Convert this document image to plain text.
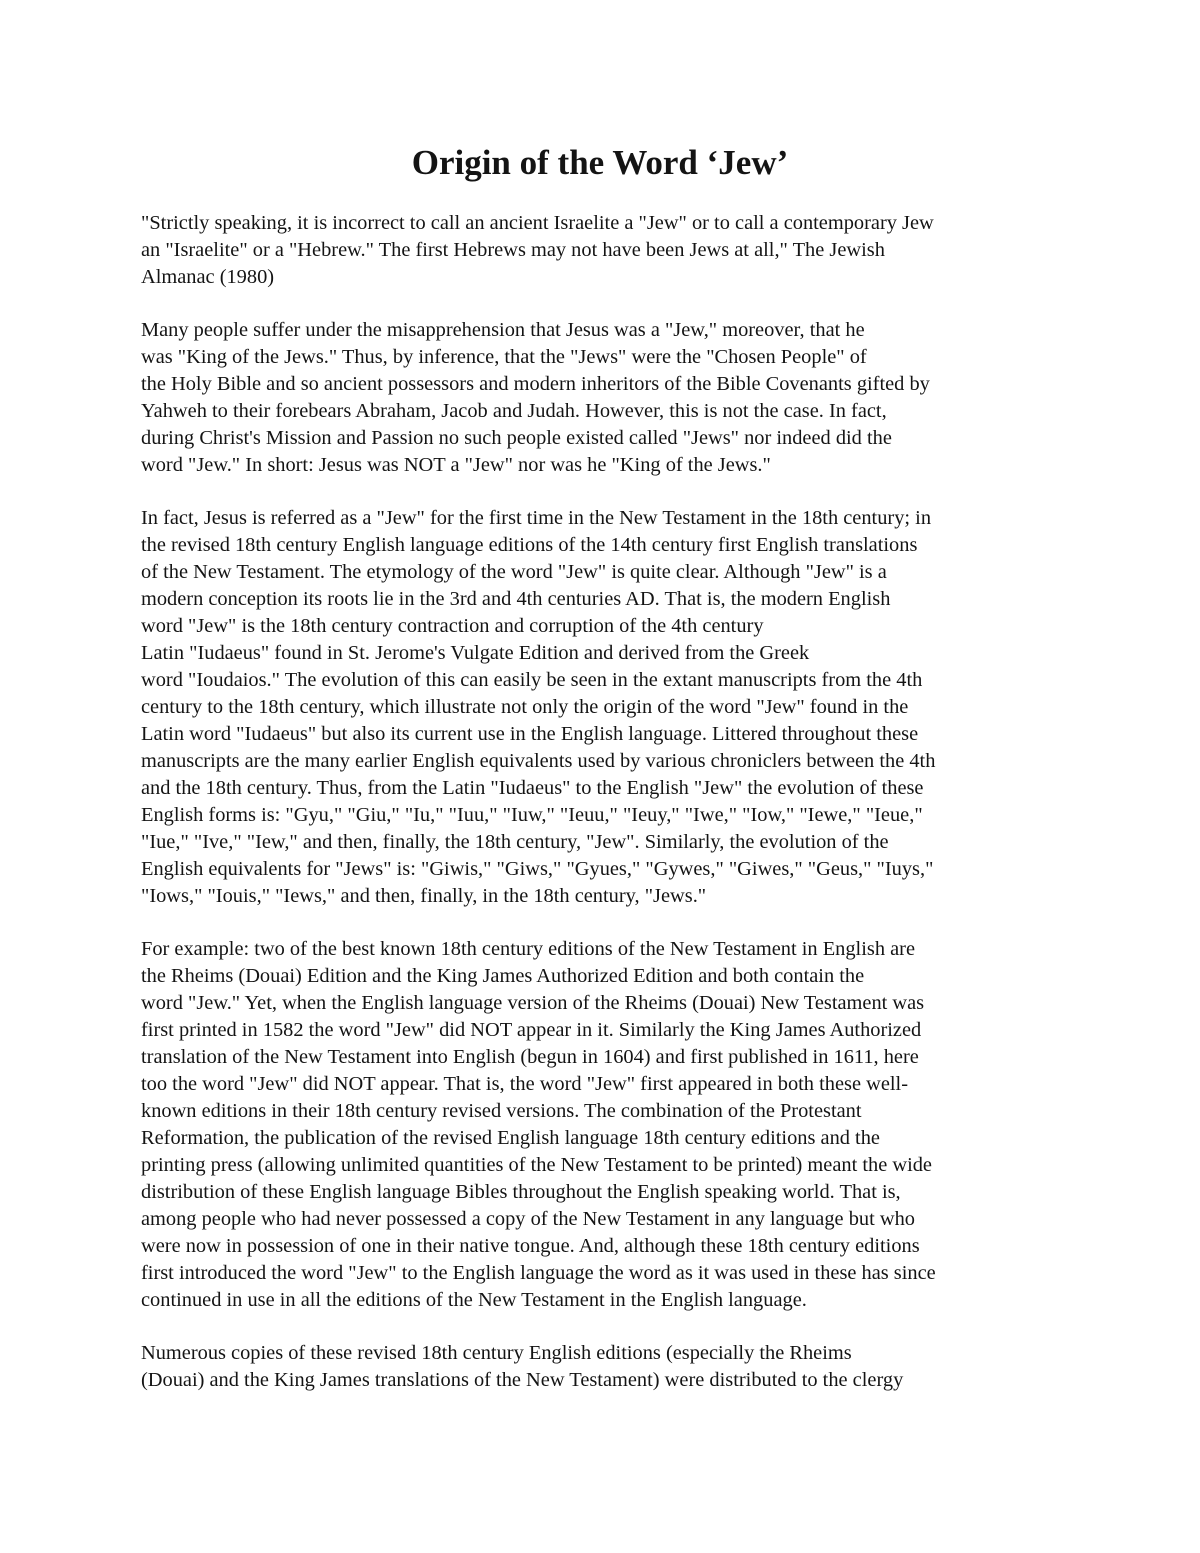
Origin of the Word ‘Jew’
"Strictly speaking, it is incorrect to call an ancient Israelite a "Jew" or to call a contemporary Jew
an "Israelite" or a "Hebrew." The first Hebrews may not have been Jews at all," The Jewish
Almanac (1980)
Many people suffer under the misapprehension that Jesus was a "Jew," moreover, that he
was "King of the Jews." Thus, by inference, that the "Jews" were the "Chosen People" of
the Holy Bible and so ancient possessors and modern inheritors of the Bible Covenants gifted by
Yahweh to their forebears Abraham, Jacob and Judah. However, this is not the case. In fact,
during Christ's Mission and Passion no such people existed called "Jews" nor indeed did the
word "Jew." In short: Jesus was NOT a "Jew" nor was he "King of the Jews."
In fact, Jesus is referred as a "Jew" for the first time in the New Testament in the 18th century; in
the revised 18th century English language editions of the 14th century first English translations
of the New Testament. The etymology of the word "Jew" is quite clear. Although "Jew" is a
modern conception its roots lie in the 3rd and 4th centuries AD. That is, the modern English
word "Jew" is the 18th century contraction and corruption of the 4th century
Latin "Iudaeus" found in St. Jerome's Vulgate Edition and derived from the Greek
word "Ioudaios." The evolution of this can easily be seen in the extant manuscripts from the 4th
century to the 18th century, which illustrate not only the origin of the word "Jew" found in the
Latin word "Iudaeus" but also its current use in the English language. Littered throughout these
manuscripts are the many earlier English equivalents used by various chroniclers between the 4th
and the 18th century. Thus, from the Latin "Iudaeus" to the English "Jew" the evolution of these
English forms is: "Gyu," "Giu," "Iu," "Iuu," "Iuw," "Ieuu," "Ieuy," "Iwe," "Iow," "Iewe," "Ieue,"
"Iue," "Ive," "Iew," and then, finally, the 18th century, "Jew". Similarly, the evolution of the
English equivalents for "Jews" is: "Giwis," "Giws," "Gyues," "Gywes," "Giwes," "Geus," "Iuys,"
"Iows," "Iouis," "Iews," and then, finally, in the 18th century, "Jews."
For example: two of the best known 18th century editions of the New Testament in English are
the Rheims (Douai) Edition and the King James Authorized Edition and both contain the
word "Jew." Yet, when the English language version of the Rheims (Douai) New Testament was
first printed in 1582 the word "Jew" did NOT appear in it. Similarly the King James Authorized
translation of the New Testament into English (begun in 1604) and first published in 1611, here
too the word "Jew" did NOT appear. That is, the word "Jew" first appeared in both these well-
known editions in their 18th century revised versions. The combination of the Protestant
Reformation, the publication of the revised English language 18th century editions and the
printing press (allowing unlimited quantities of the New Testament to be printed) meant the wide
distribution of these English language Bibles throughout the English speaking world. That is,
among people who had never possessed a copy of the New Testament in any language but who
were now in possession of one in their native tongue. And, although these 18th century editions
first introduced the word "Jew" to the English language the word as it was used in these has since
continued in use in all the editions of the New Testament in the English language.
Numerous copies of these revised 18th century English editions (especially the Rheims
(Douai) and the King James translations of the New Testament) were distributed to the clergy
